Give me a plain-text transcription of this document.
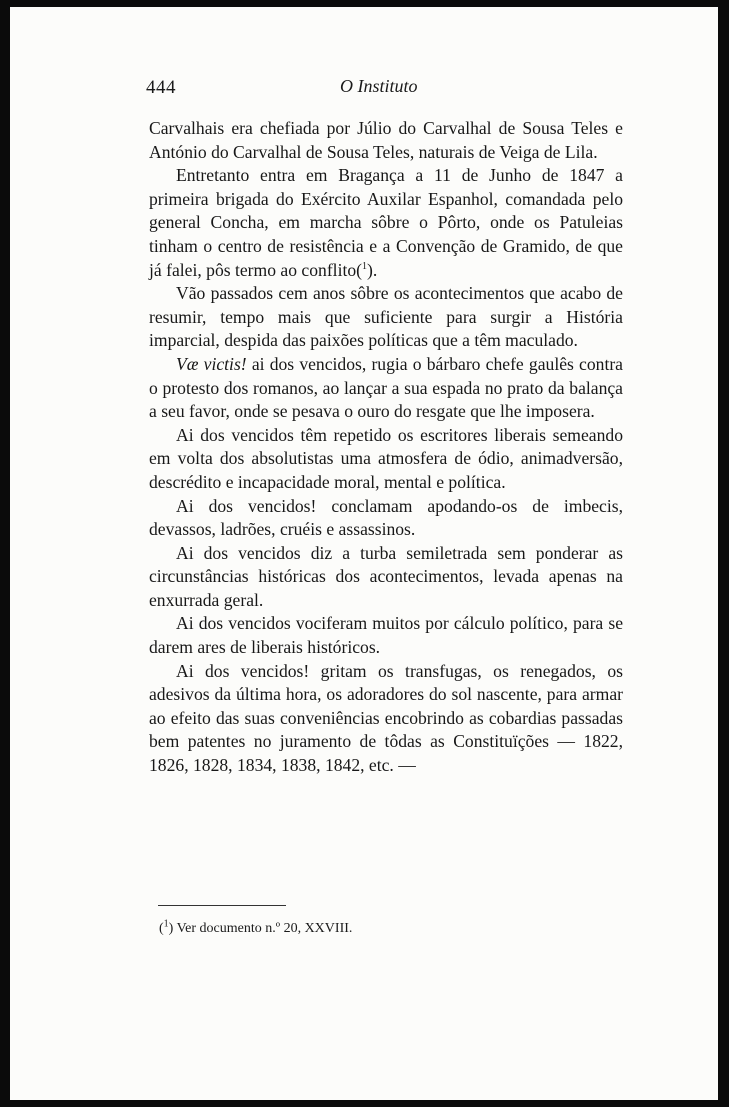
444	O Instituto

Carvalhais era chefiada por Júlio do Carvalhal de Sousa Teles e António do Carvalhal de Sousa Teles, naturais de Veiga de Lila.

Entretanto entra em Bragança a 11 de Junho de 1847 a primeira brigada do Exército Auxilar Espanhol, comandada pelo general Concha, em marcha sôbre o Pôrto, onde os Patuleias tinham o centro de resistência e a Convenção de Gramido, de que já falei, pôs termo ao conflito($^1$).

Vão passados cem anos sôbre os acontecimentos que acabo de resumir, tempo mais que suficiente para surgir a História imparcial, despida das paixões políticas que a têm maculado.

Væ victis! ai dos vencidos, rugia o bárbaro chefe gaulês contra o protesto dos romanos, ao lançar a sua espada no prato da balança a seu favor, onde se pesava o ouro do resgate que lhe imposera.

Ai dos vencidos têm repetido os escritores liberais semeando em volta dos absolutistas uma atmosfera de ódio, animadversão, descrédito e incapacidade moral, mental e política.

Ai dos vencidos! conclamam apodando-os de imbecis, devassos, ladrões, cruéis e assassinos.

Ai dos vencidos diz a turba semiletrada sem ponderar as circunstâncias históricas dos acontecimentos, levada apenas na enxurrada geral.

Ai dos vencidos vociferam muitos por cálculo político, para se darem ares de liberais históricos.

Ai dos vencidos! gritam os transfugas, os renegados, os adesivos da última hora, os adoradores do sol nascente, para armar ao efeito das suas conveniências encobrindo as cobardias passadas bem patentes no juramento de tôdas as Constituïções — 1822, 1826, 1828, 1834, 1838, 1842, etc. —

($^1$) Ver documento n.º 20, XXVIII.
